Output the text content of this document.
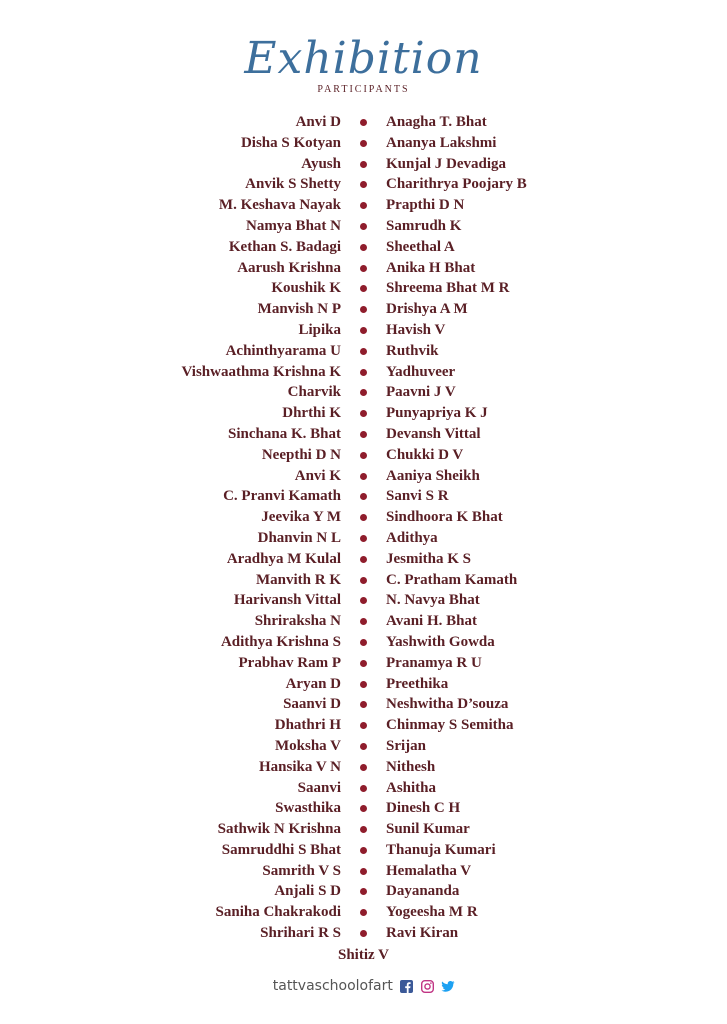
Exhibition
PARTICIPANTS
Anvi D	Anagha T. Bhat
Disha S Kotyan	Ananya Lakshmi
Ayush	Kunjal J Devadiga
Anvik S Shetty	Charithrya Poojary B
M. Keshava Nayak	Prapthi D N
Namya Bhat N	Samrudh K
Kethan S. Badagi	Sheethal A
Aarush Krishna	Anika H Bhat
Koushik K	Shreema Bhat M R
Manvish N P	Drishya A M
Lipika	Havish V
Achinthyarama U	Ruthvik
Vishwaathma Krishna K	Yadhuveer
Charvik	Paavni J V
Dhrthi K	Punyapriya K J
Sinchana K. Bhat	Devansh Vittal
Neepthi D N	Chukki D V
Anvi K	Aaniya Sheikh
C. Pranvi Kamath	Sanvi S R
Jeevika Y M	Sindhoora K Bhat
Dhanvin N L	Adithya
Aradhya M Kulal	Jesmitha K S
Manvith R K	C. Pratham Kamath
Harivansh Vittal	N. Navya Bhat
Shriraksha N	Avani H. Bhat
Adithya Krishna S	Yashwith Gowda
Prabhav Ram P	Pranamya R U
Aryan D	Preethika
Saanvi D	Neshwitha D’souza
Dhathri H	Chinmay S Semitha
Moksha V	Srijan
Hansika V N	Nithesh
Saanvi	Ashitha
Swasthika	Dinesh C H
Sathwik N Krishna	Sunil Kumar
Samruddhi S Bhat	Thanuja Kumari
Samrith V S	Hemalatha V
Anjali S D	Dayananda
Saniha Chakrakodi	Yogeesha M R
Shrihari R S	Ravi Kiran
Shitiz V
tattvaschoolofart
